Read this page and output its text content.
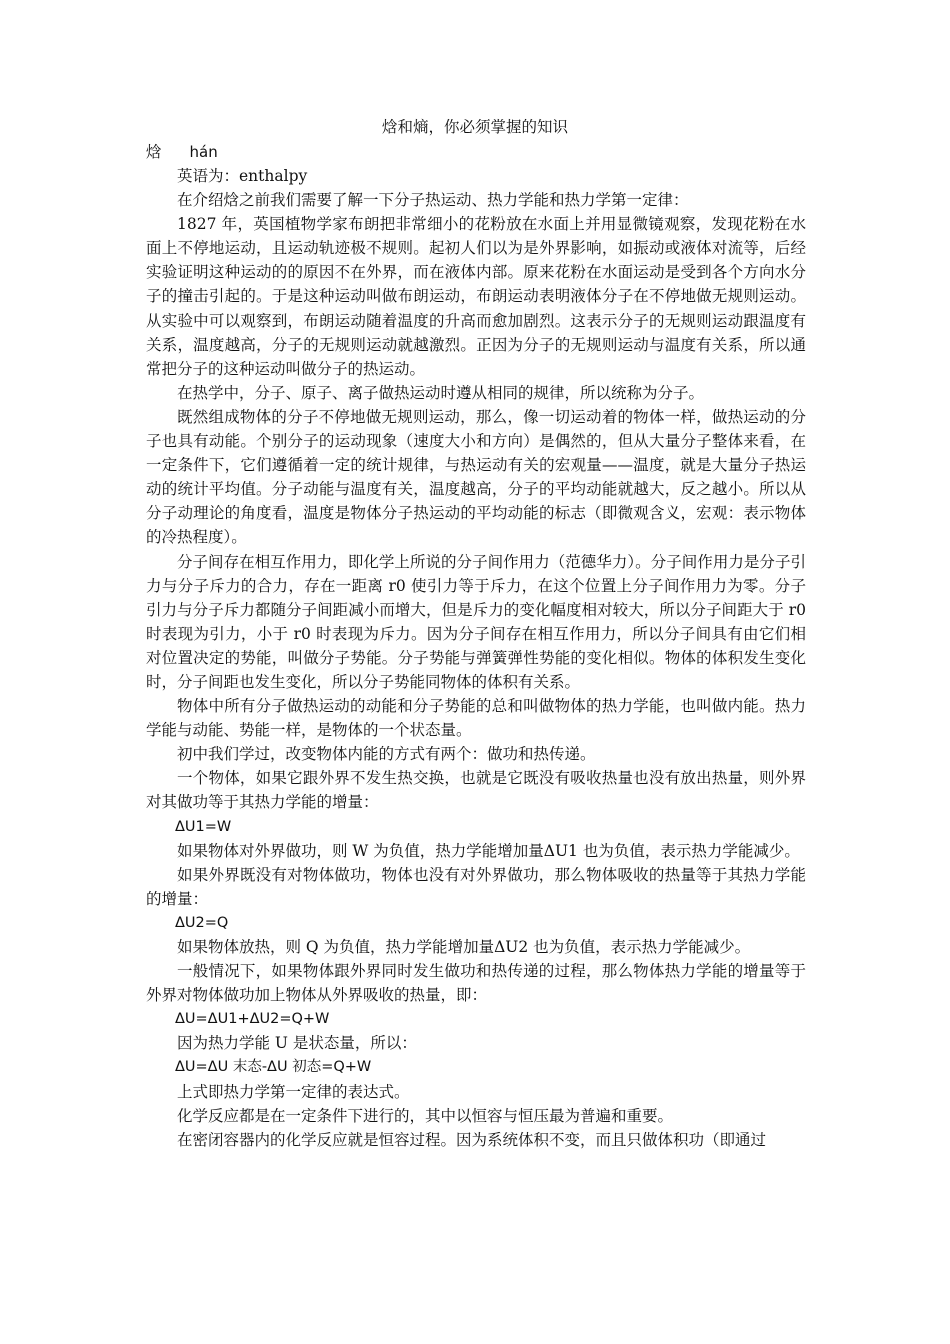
焓和熵，你必须掌握的知识

焓 hán

英语为：enthalpy

在介绍焓之前我们需要了解一下分子热运动、热力学能和热力学第一定律：

1827 年，英国植物学家布朗把非常细小的花粉放在水面上并用显微镜观察，发现花粉在水面上不停地运动，且运动轨迹极不规则。起初人们以为是外界影响，如振动或液体对流等，后经实验证明这种运动的的原因不在外界，而在液体内部。原来花粉在水面运动是受到各个方向水分子的撞击引起的。于是这种运动叫做布朗运动，布朗运动表明液体分子在不停地做无规则运动。从实验中可以观察到，布朗运动随着温度的升高而愈加剧烈。这表示分子的无规则运动跟温度有关系，温度越高，分子的无规则运动就越激烈。正因为分子的无规则运动与温度有关系，所以通常把分子的这种运动叫做分子的热运动。

在热学中，分子、原子、离子做热运动时遵从相同的规律，所以统称为分子。

既然组成物体的分子不停地做无规则运动，那么，像一切运动着的物体一样，做热运动的分子也具有动能。个别分子的运动现象（速度大小和方向）是偶然的，但从大量分子整体来看，在一定条件下，它们遵循着一定的统计规律，与热运动有关的宏观量——温度，就是大量分子热运动的统计平均值。分子动能与温度有关，温度越高，分子的平均动能就越大，反之越小。所以从分子动理论的角度看，温度是物体分子热运动的平均动能的标志（即微观含义，宏观：表示物体的冷热程度）。

分子间存在相互作用力，即化学上所说的分子间作用力（范德华力）。分子间作用力是分子引力与分子斥力的合力，存在一距离 r0 使引力等于斥力，在这个位置上分子间作用力为零。分子引力与分子斥力都随分子间距减小而增大，但是斥力的变化幅度相对较大，所以分子间距大于 r0 时表现为引力，小于 r0 时表现为斥力。因为分子间存在相互作用力，所以分子间具有由它们相对位置决定的势能，叫做分子势能。分子势能与弹簧弹性势能的变化相似。物体的体积发生变化时，分子间距也发生变化，所以分子势能同物体的体积有关系。

物体中所有分子做热运动的动能和分子势能的总和叫做物体的热力学能，也叫做内能。热力学能与动能、势能一样，是物体的一个状态量。

初中我们学过，改变物体内能的方式有两个：做功和热传递。

一个物体，如果它跟外界不发生热交换，也就是它既没有吸收热量也没有放出热量，则外界对其做功等于其热力学能的增量：

ΔU1=W

如果物体对外界做功，则 W 为负值，热力学能增加量ΔU1 也为负值，表示热力学能减少。

如果外界既没有对物体做功，物体也没有对外界做功，那么物体吸收的热量等于其热力学能的增量：

ΔU2=Q

如果物体放热，则 Q 为负值，热力学能增加量ΔU2 也为负值，表示热力学能减少。

一般情况下，如果物体跟外界同时发生做功和热传递的过程，那么物体热力学能的增量等于外界对物体做功加上物体从外界吸收的热量，即：

ΔU=ΔU1+ΔU2=Q+W

因为热力学能 U 是状态量，所以：

ΔU=ΔU 末态-ΔU 初态=Q+W

上式即热力学第一定律的表达式。

化学反应都是在一定条件下进行的，其中以恒容与恒压最为普遍和重要。

在密闭容器内的化学反应就是恒容过程。因为系统体积不变，而且只做体积功（即通过
